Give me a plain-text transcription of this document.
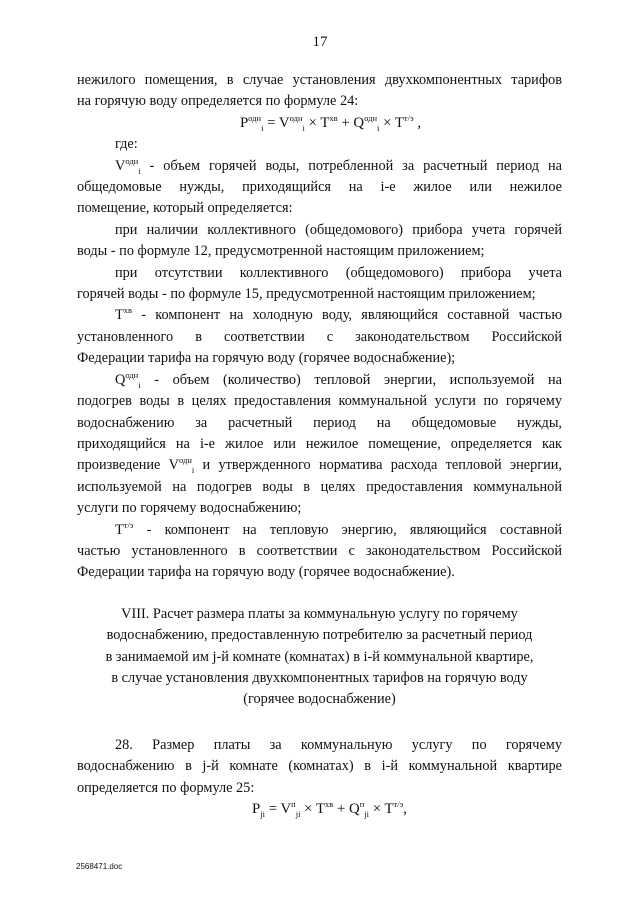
17

нежилого помещения, в случае установления двухкомпонентных тарифов

на горячую воду определяется по формуле 24:

$P^{одн}_i = V^{одн}_i \times T^{хв} + Q^{одн}_i \times T^{т/э}$ ,

где:

$V^{одн}_i$ - объем горячей воды, потребленной за расчетный период на

общедомовые нужды, приходящийся на i-е жилое или нежилое

помещение, который определяется:

при наличии коллективного (общедомового) прибора учета горячей

воды - по формуле 12, предусмотренной настоящим приложением;

при отсутствии коллективного (общедомового) прибора учета

горячей воды - по формуле 15, предусмотренной настоящим приложением;

$T^{хв}$ - компонент на холодную воду, являющийся составной частью

установленного в соответствии с законодательством Российской

Федерации тарифа на горячую воду (горячее водоснабжение);

$Q^{одн}_i$ - объем (количество) тепловой энергии, используемой на

подогрев воды в целях предоставления коммунальной услуги по горячему

водоснабжению за расчетный период на общедомовые нужды,

приходящийся на i-е жилое или нежилое помещение, определяется как

произведение $V^{одн}_i$ и утвержденного норматива расхода тепловой энергии,

используемой на подогрев воды в целях предоставления коммунальной

услуги по горячему водоснабжению;

$T^{т/э}$ - компонент на тепловую энергию, являющийся составной

частью установленного в соответствии с законодательством Российской

Федерации тарифа на горячую воду (горячее водоснабжение).

VIII. Расчет размера платы за коммунальную услугу по горячему

водоснабжению, предоставленную потребителю за расчетный период

в занимаемой им j-й комнате (комнатах) в i-й коммунальной квартире,

в случае установления двухкомпонентных тарифов на горячую воду

(горячее водоснабжение)

28. Размер платы за коммунальную услугу по горячему

водоснабжению в j-й комнате (комнатах) в i-й коммунальной квартире

определяется по формуле 25:

$P_{ji} = V^п_{ji} \times T^{хв} + Q^п_{ji} \times T^{т/э}$,

2568471.doc
